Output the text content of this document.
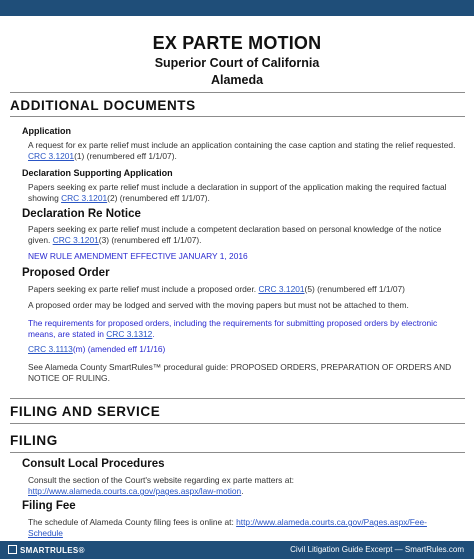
EX PARTE MOTION
Superior Court of California
Alameda
ADDITIONAL DOCUMENTS
Application
A request for ex parte relief must include an application containing the case caption and stating the relief requested. CRC 3.1201(1) (renumbered eff 1/1/07).
Declaration Supporting Application
Papers seeking ex parte relief must include a declaration in support of the application making the required factual showing CRC 3.1201(2) (renumbered eff 1/1/07).
Declaration Re Notice
Papers seeking ex parte relief must include a competent declaration based on personal knowledge of the notice given. CRC 3.1201(3) (renumbered eff 1/1/07).
NEW RULE AMENDMENT EFFECTIVE JANUARY 1, 2016
Proposed Order
Papers seeking ex parte relief must include a proposed order. CRC 3.1201(5) (renumbered eff 1/1/07)
A proposed order may be lodged and served with the moving papers but must not be attached to them.
The requirements for proposed orders, including the requirements for submitting proposed orders by electronic means, are stated in CRC 3.1312.
CRC 3.1113(m) (amended eff 1/1/16)
See Alameda County SmartRules™ procedural guide: PROPOSED ORDERS, PREPARATION OF ORDERS AND NOTICE OF RULING.
FILING AND SERVICE
FILING
Consult Local Procedures
Consult the section of the Court's website regarding ex parte matters at: http://www.alameda.courts.ca.gov/pages.aspx/law-motion.
Filing Fee
The schedule of Alameda County filing fees is online at: http://www.alameda.courts.ca.gov/Pages.aspx/Fee-Schedule
SMARTRULES®	Civil Litigation Guide Excerpt — SmartRules.com
